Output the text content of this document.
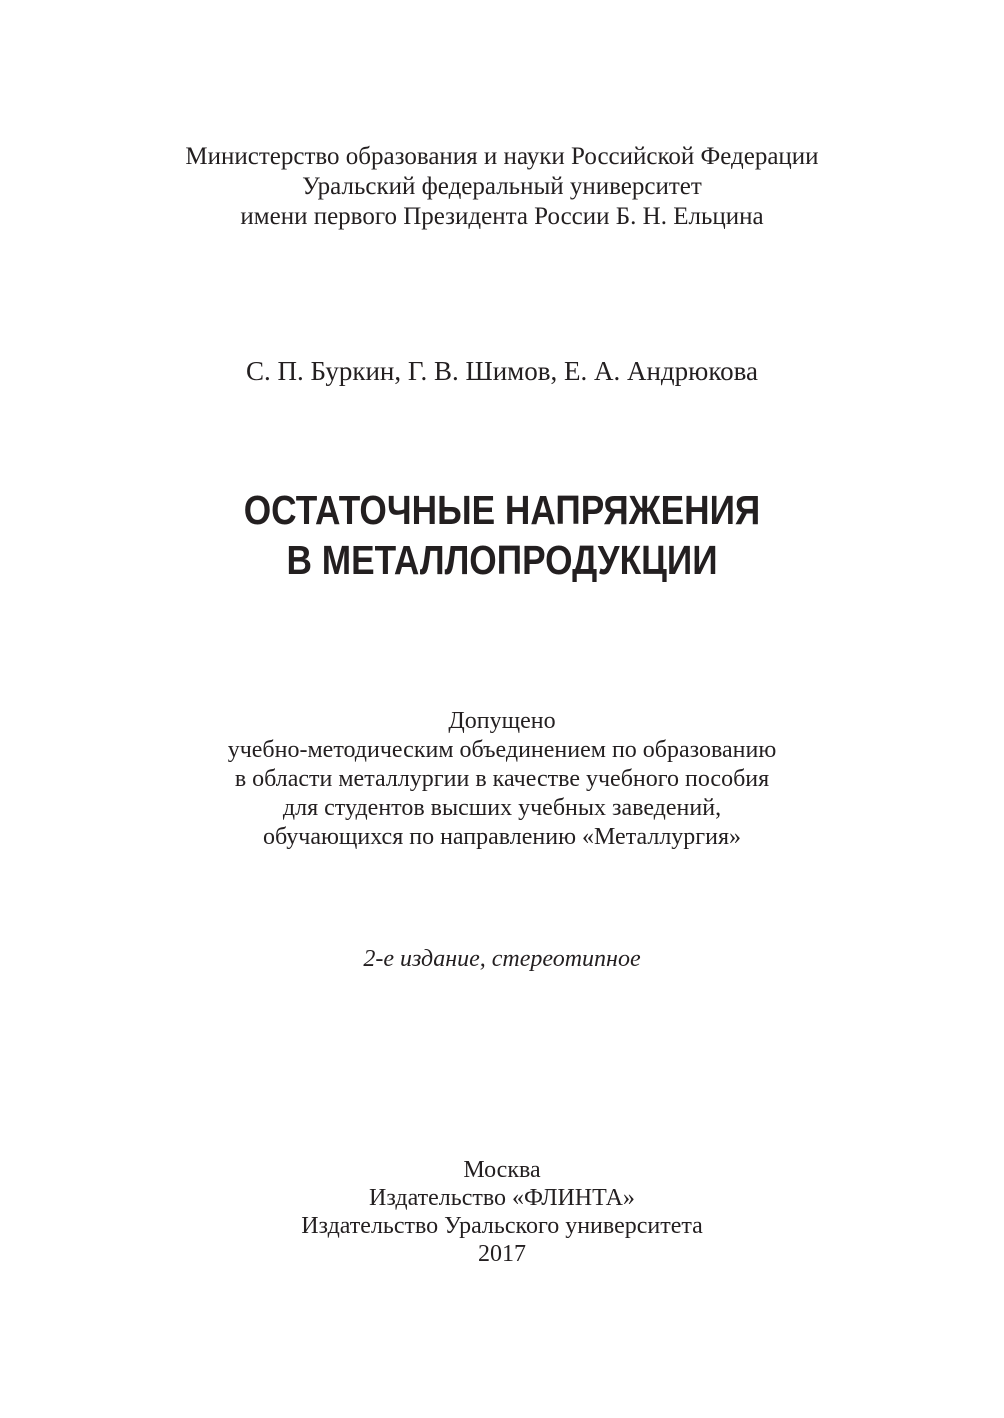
Министерство образования и науки Российской Федерации
Уральский федеральный университет
имени первого Президента России Б. Н. Ельцина
С. П. Буркин, Г. В. Шимов, Е. А. Андрюкова
ОСТАТОЧНЫЕ НАПРЯЖЕНИЯ
В МЕТАЛЛОПРОДУКЦИИ
Допущено
учебно-методическим объединением по образованию
в области металлургии в качестве учебного пособия
для студентов высших учебных заведений,
обучающихся по направлению «Металлургия»
2-е издание, стереотипное
Москва
Издательство «ФЛИНТА»
Издательство Уральского университета
2017
